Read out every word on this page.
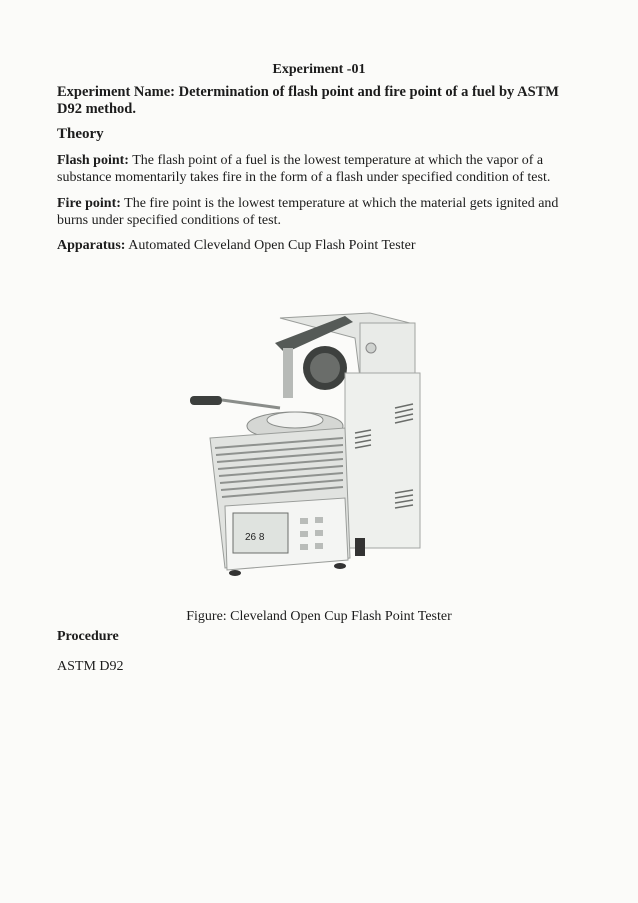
Experiment -01
Experiment Name: Determination of flash point and fire point of a fuel by ASTM D92 method.
Theory
Flash point: The flash point of a fuel is the lowest temperature at which the vapor of a substance momentarily takes fire in the form of a flash under specified condition of test.
Fire point: The fire point is the lowest temperature at which the material gets ignited and burns under specified conditions of test.
Apparatus: Automated Cleveland Open Cup Flash Point Tester
26 8
Figure: Cleveland Open Cup Flash Point Tester
Procedure
ASTM D92
